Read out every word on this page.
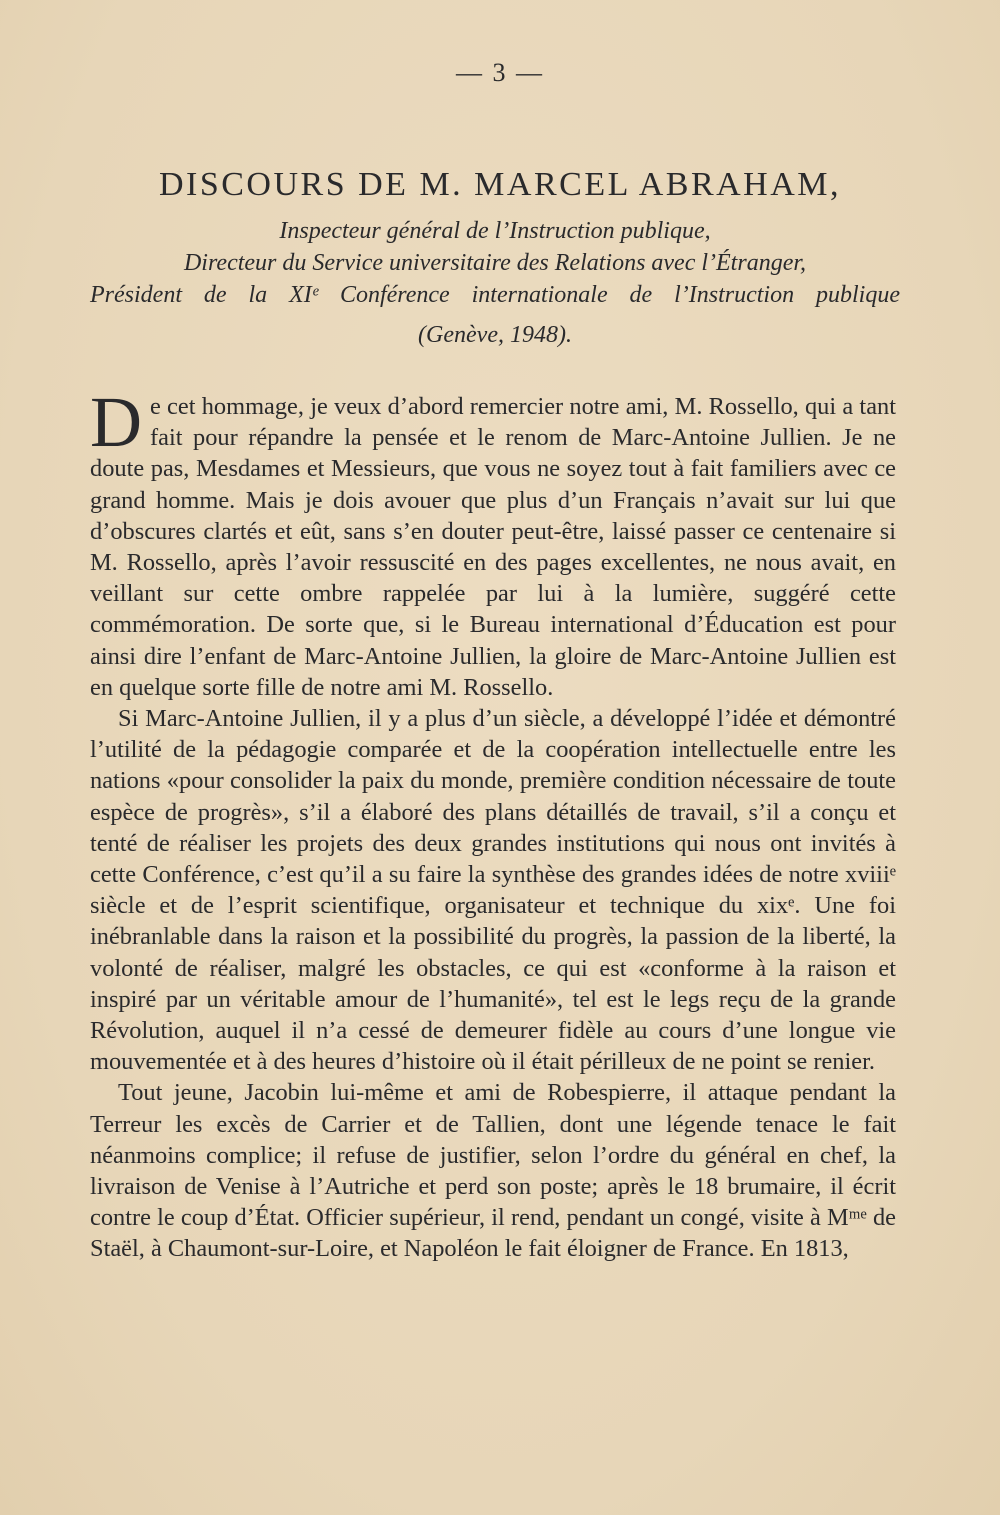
— 3 —
DISCOURS DE M. MARCEL ABRAHAM,
Inspecteur général de l’Instruction publique,
Directeur du Service universitaire des Relations avec l’Étranger,
Président de la XIᵉ Conférence internationale de l’Instruction publique
(Genève, 1948).

De cet hommage, je veux d’abord remercier notre ami, M. Rossello, qui a tant fait pour répandre la pensée et le renom de Marc-Antoine Jullien. Je ne doute pas, Mesdames et Messieurs, que vous ne soyez tout à fait familiers avec ce grand homme. Mais je dois avouer que plus d’un Français n’avait sur lui que d’obscures clartés et eût, sans s’en douter peut-être, laissé passer ce centenaire si M. Rossello, après l’avoir ressuscité en des pages excellentes, ne nous avait, en veillant sur cette ombre rappelée par lui à la lumière, suggéré cette commémoration. De sorte que, si le Bureau international d’Éducation est pour ainsi dire l’enfant de Marc-Antoine Jullien, la gloire de Marc-Antoine Jullien est en quelque sorte fille de notre ami M. Rossello.

Si Marc-Antoine Jullien, il y a plus d’un siècle, a développé l’idée et démontré l’utilité de la pédagogie comparée et de la coopération intellectuelle entre les nations «pour consolider la paix du monde, première condition nécessaire de toute espèce de progrès», s’il a élaboré des plans détaillés de travail, s’il a conçu et tenté de réaliser les projets des deux grandes institutions qui nous ont invités à cette Conférence, c’est qu’il a su faire la synthèse des grandes idées de notre xviiiᵉ siècle et de l’esprit scientifique, organisateur et technique du xixᵉ. Une foi inébranlable dans la raison et la possibilité du progrès, la passion de la liberté, la volonté de réaliser, malgré les obstacles, ce qui est «conforme à la raison et inspiré par un véritable amour de l’humanité», tel est le legs reçu de la grande Révolution, auquel il n’a cessé de demeurer fidèle au cours d’une longue vie mouvementée et à des heures d’histoire où il était périlleux de ne point se renier.

Tout jeune, Jacobin lui-même et ami de Robespierre, il attaque pendant la Terreur les excès de Carrier et de Tallien, dont une légende tenace le fait néanmoins complice; il refuse de justifier, selon l’ordre du général en chef, la livraison de Venise à l’Autriche et perd son poste; après le 18 brumaire, il écrit contre le coup d’État. Officier supérieur, il rend, pendant un congé, visite à Mᵐᵉ de Staël, à Chaumont-sur-Loire, et Napoléon le fait éloigner de France. En 1813,
